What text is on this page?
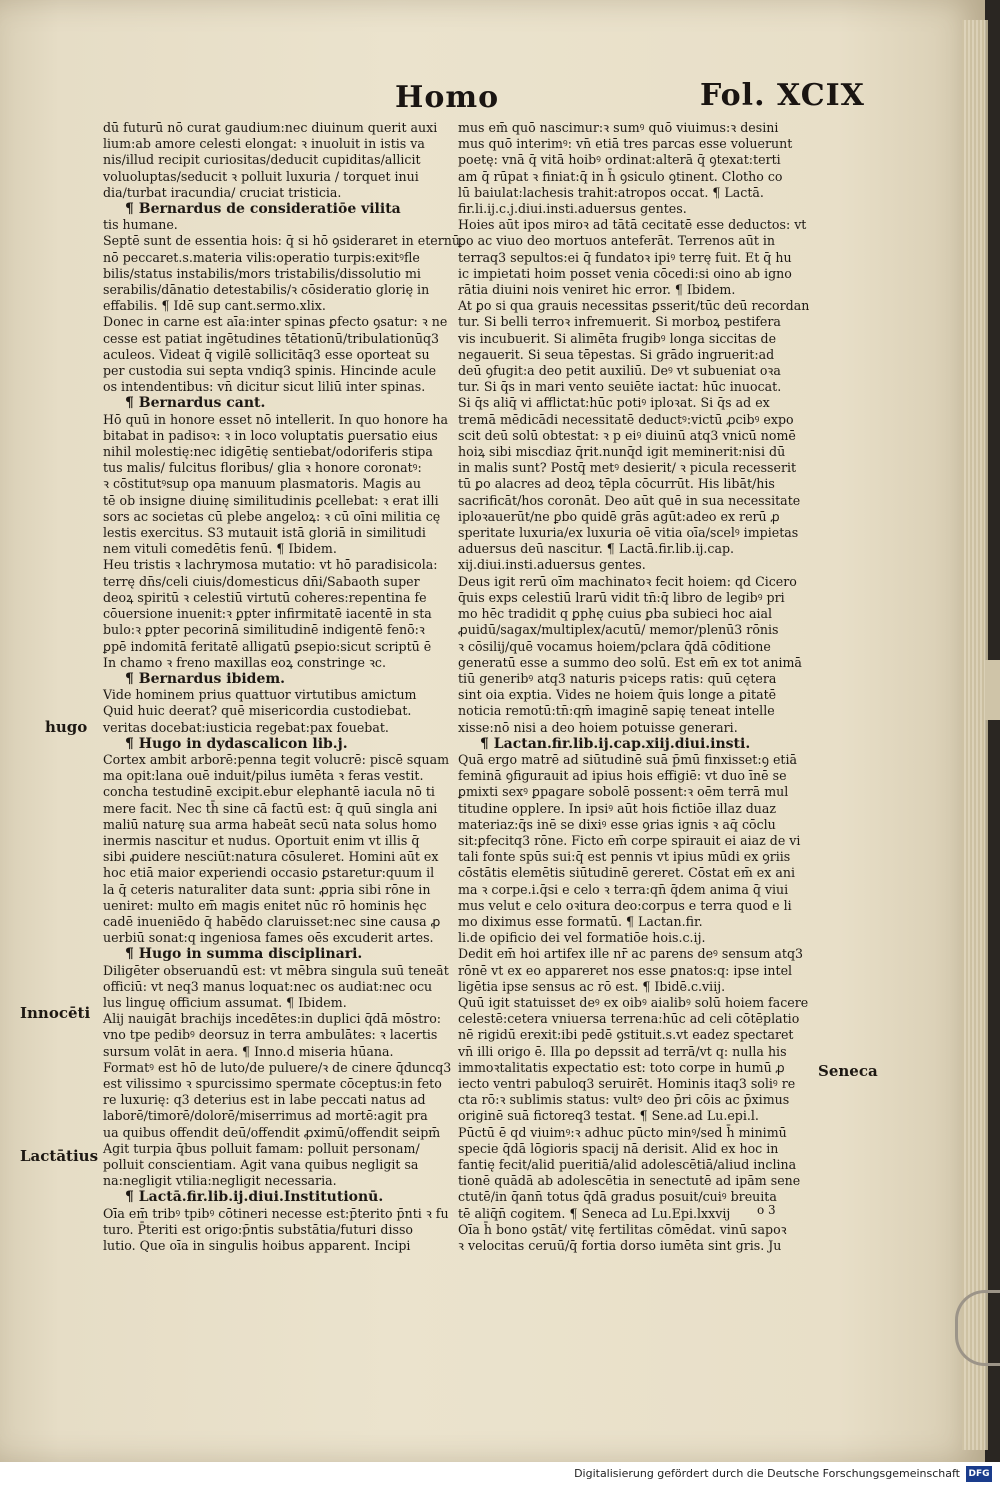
Homo	Fol. XCIX

dū futurū nō curat gaudium:nec diuinum querit auxi

lium:ab amore celesti elongat: ꝛ inuoluit in istis va

nis/illud recipit curiositas/deducit cupiditas/allicit

voluoluptas/seducit ꝛ polluit luxuria / torquet inui

dia/turbat iracundia/ cruciat tristicia.

¶ Bernardus de consideratiōe vilita

tis humane.

Septē sunt de essentia hois: q̄ si hō ꝯsideraret in eternū

nō peccaret.s.materia vilis:operatio turpis:exitꝰfle

bilis/status instabilis/mors tristabilis/dissolutio mi

serabilis/dānatio detestabilis/ꝛ cōsideratio glorię in

effabilis. ¶ Idē sup cant.sermo.xlix.

Donec in carne est aīa:inter spinas ꝑfecto ꝯsatur: ꝛ ne

cesse est patiat ingētudines tētationū/tribulationūq3

aculeos. Videat q̄ vigilē sollicitāq3 esse oporteat su

per custodia sui septa vndiq3 spinis. Hincinde acule

os intendentibus: vn̄ dicitur sicut liliū inter spinas.

¶ Bernardus cant.

Hō quū in honore esset nō intellerit. In quo honore ha

bitabat in padisoꝛ: ꝛ in loco voluptatis ꝑuersatio eius

nihil molestię:nec idigētię sentiebat/odoriferis stipa

tus malis/ fulcitus floribus/ glia ꝛ honore coronatꝰ:

ꝛ cōstitutꝰsup opa manuum plasmatoris. Magis au

tē ob insigne diuinę similitudinis ꝑcellebat: ꝛ erat illi

sors ac societas cū plebe angeloꝝ: ꝛ cū oīni militia cę

lestis exercitus. S3 mutauit istā gloriā in similitudi

nem vituli comedētis fenū. ¶ Ibidem.

Heu tristis ꝛ lachrymosa mutatio: vt hō paradisicola:

terrę dn̄s/celi ciuis/domesticus dn̄i/Sabaoth super

deoꝝ spiritū ꝛ celestiū virtutū coheres:repentina fe

cōuersione inuenit:ꝛ ꝑpter infirmitatē iacentē in sta

bulo:ꝛ ꝑpter pecorinā similitudinē indigentē fenō:ꝛ

ꝑpē indomitā feritatē alligatū ꝑsepio:sicut scriptū ē

In chamo ꝛ freno maxillas eoꝝ constringe ꝛc.

¶ Bernardus ibidem.

Vide hominem prius quattuor virtutibus amictum

Quid huic deerat? quē misericordia custodiebat.

veritas docebat:iusticia regebat:pax fouebat.

¶ Hugo in dydascalicon lib.j.

Cortex ambit arborē:penna tegit volucrē: piscē squam

ma opit:lana ouē induit/pilus iumēta ꝛ feras vestit.

concha testudinē excipit.ebur elephantē iacula nō ti

mere facit. Nec th̄ sine cā factū est: q̄ quū singla ani

maliū naturę sua arma habeāt secū nata solus homo

inermis nascitur et nudus. Oportuit enim vt illis q̄

sibi ꝓuidere nesciūt:natura cōsuleret. Homini aūt ex

hoc etiā maior experiendi occasio ꝑstaretur:quum il

la q̄ ceteris naturaliter data sunt: ꝓpria sibi rōne in

ueniret: multo em̄ magis enitet nūc rō hominis hęc

cadē inueniēdo q̄ habēdo claruisset:nec sine causa ꝓ

uerbiū sonat:q ingeniosa fames oēs excuderit artes.

¶ Hugo in summa disciplinari.

Diligēter obseruandū est: vt mēbra singula suū teneāt

officiū: vt neq3 manus loquat:nec os audiat:nec ocu

lus linguę officium assumat. ¶ Ibidem.

Alij nauigāt brachijs incedētes:in duplici q̄dā mōstro:

vno tpe pedibꝰ deorsuz in terra ambulātes: ꝛ lacertis

sursum volāt in aera. ¶ Inno.d miseria hūana.

Formatꝰ est hō de luto/de puluere/ꝛ de cinere q̄duncq3

est vilissimo ꝛ spurcissimo spermate cōceptus:in feto

re luxurię: q3 deterius est in labe peccati natus ad

laborē/timorē/dolorē/miserrimus ad mortē:agit pra

ua quibus offendit deū/offendit ꝓximū/offendit seipm̄

Agit turpia q̄bus polluit famam: polluit personam/

polluit conscientiam. Agit vana quibus negligit sa

na:negligit vtilia:negligit necessaria.

¶ Lactā.fir.lib.ij.diui.Institutionū.

Oīa em̄ tribꝰ tpibꝰ cōtineri necesse est:p̄terito p̄nti ꝛ fu

turo. P̄teriti est origo:p̄ntis substātia/futuri disso

lutio. Que oīa in singulis hoibus apparent. Incipi

mus em̄ quō nascimur:ꝛ sumꝰ quō viuimus:ꝛ desini

mus quō interimꝰ: vn̄ etiā tres parcas esse voluerunt

poetę: vnā q̄ vitā hoibꝰ ordinat:alterā q̄ ꝯtexat:terti

am q̄ rūpat ꝛ finiat:q̄ in h̄ ꝯsiculo ꝯtinent. Clotho co

lū baiulat:lachesis trahit:atropos occat. ¶ Lactā.

fir.li.ij.c.j.diui.insti.aduersus gentes.

Hoies aūt ipos miroꝛ ad tātā cecitatē esse deductos: vt

ꝑo ac viuo deo mortuos anteferāt. Terrenos aūt in

terraq3 sepultos:ei q̄ fundatoꝛ ipiꝰ terrę fuit. Et q̄ hu

ic impietati hoim posset venia cōcedi:si oino ab igno

rātia diuini nois veniret hic error. ¶ Ibidem.

At ꝑo si qua grauis necessitas ꝑsserit/tūc deū recordan

tur. Si belli terroꝛ infremuerit. Si morboꝝ pestifera

vis incubuerit. Si alimēta frugibꝰ longa siccitas de

negauerit. Si seua tēpestas. Si grādo ingruerit:ad

deū ꝯfugit:a deo petit auxiliū. Deꝰ vt subueniat oꝛa

tur. Si q̄s in mari vento seuiēte iactat: hūc inuocat.

Si q̄s aliq̄ vi afflictat:hūc potiꝰ iploꝛat. Si q̄s ad ex

tremā mēdicādi necessitatē deductꝰ:victū ꝓcibꝰ expo

scit deū solū obtestat: ꝛ p eiꝰ diuinū atq3 vnicū nomē

hoiꝝ sibi miscdiaz q̄rit.nunq̄d igit meminerit:nisi dū

in malis sunt? Postq̄ metꝰ desierit/ ꝛ picula recesserit

tū ꝑo alacres ad deoꝝ tēpla cōcurrūt. His libāt/his

sacrificāt/hos coronāt. Deo aūt quē in sua necessitate

iploꝛauerūt/ne ꝑbo quidē grās agūt:adeo ex rerū ꝓ

speritate luxuria/ex luxuria oē vitia oīa/scelꝰ impietas

aduersus deū nascitur. ¶ Lactā.fir.lib.ij.cap.

xij.diui.insti.aduersus gentes.

Deus igit rerū oīm machinatoꝛ fecit hoiem: qd Cicero

q̄uis exps celestiū lrarū vidit tn̄:q̄ libro de legibꝰ pri

mo hēc tradidit q ꝑphę cuius ꝑba subieci hoc aial

ꝓuidū/sagax/multiplex/acutū/ memor/plenū3 rōnis

ꝛ cōsilij/quē vocamus hoiem/pclara q̄dā cōditione

generatū esse a summo deo solū. Est em̄ ex tot animā

tiū generibꝰ atq3 naturis pꝛiceps ratis: quū cętera

sint oia exptia. Vides ne hoiem q̄uis longe a ꝑitatē

noticia remotū:tn̄:qm̄ imaginē sapię teneat intelle

xisse:nō nisi a deo hoiem potuisse generari.

¶ Lactan.fir.lib.ij.cap.xiij.diui.insti.

Quā ergo matrē ad siūtudinē suā p̄mū finxisset:ꝯ etiā

feminā ꝯfigurauit ad ipius hois effigiē: vt duo īnē se

ꝑmixti sexꝰ ꝑpagare sobolē possent:ꝛ oēm terrā mul

titudine opplere. In ipsiꝰ aūt hois fictiōe illaz duaz

materiaz:q̄s inē se dixiꝰ esse ꝯrias ignis ꝛ aq̄ cōclu

sit:ꝑfecitq3 rōne. Ficto em̄ corpe spirauit ei aiaz de vi

tali fonte spūs sui:q̄ est pennis vt ipius mūdi ex ꝯriis

cōstātis elemētis siūtudinē gereret. Cōstat em̄ ex ani

ma ꝛ corpe.i.q̄si e celo ꝛ terra:qn̄ q̄dem anima q̄ viui

mus velut e celo oꝛitura deo:corpus e terra quod e li

mo diximus esse formatū. ¶ Lactan.fir.

li.de opificio dei vel formatiōe hois.c.ij.

Dedit em̄ hoi artifex ille nr̄ ac parens deꝰ sensum atq3

rōnē vt ex eo appareret nos esse ꝑnatos:q: ipse intel

ligētia ipse sensus ac rō est. ¶ Ibidē.c.viij.

Quū igit statuisset deꝰ ex oibꝰ aialibꝰ solū hoiem facere

celestē:cetera vniuersa terrena:hūc ad celi cōtēplatio

nē rigidū erexit:ibi pedē ꝯstituit.s.vt eadez spectaret

vn̄ illi origo ē. Illa ꝑo depssit ad terrā/vt q: nulla his

immoꝛtalitatis expectatio est: toto corpe in humū ꝓ

iecto ventri pabuloq3 seruirēt. Hominis itaq3 soliꝰ re

cta rō:ꝛ sublimis status: vultꝰ deo p̄ri cōis ac p̄ximus

originē suā fictoreq3 testat. ¶ Sene.ad Lu.epi.l.

Pūctū ē qd viuimꝰ:ꝛ adhuc pūcto minꝰ/sed h̄ minimū

specie q̄dā lōgioris spacij nā derisit. Alid ex hoc in

fantię fecit/alid pueritiā/alid adolescētiā/aliud inclina

tionē quādā ab adolescētia in senectutē ad ipām sene

ctutē/in q̄ann̄ totus q̄dā gradus posuit/cuiꝰ breuita

tē aliq̄n̄ cogitem. ¶ Seneca ad Lu.Epi.lxxvij

Oīa h̄ bono ꝯstāt/ vitę fertilitas cōmēdat. vinū sapoꝛ

ꝛ velocitas ceruū/q̄ fortia dorso iumēta sint gris. Ju

hugo
Innocēti
Lactātius
Seneca
o 3
Digitalisierung gefördert durch die Deutsche Forschungsgemeinschaft DFG
